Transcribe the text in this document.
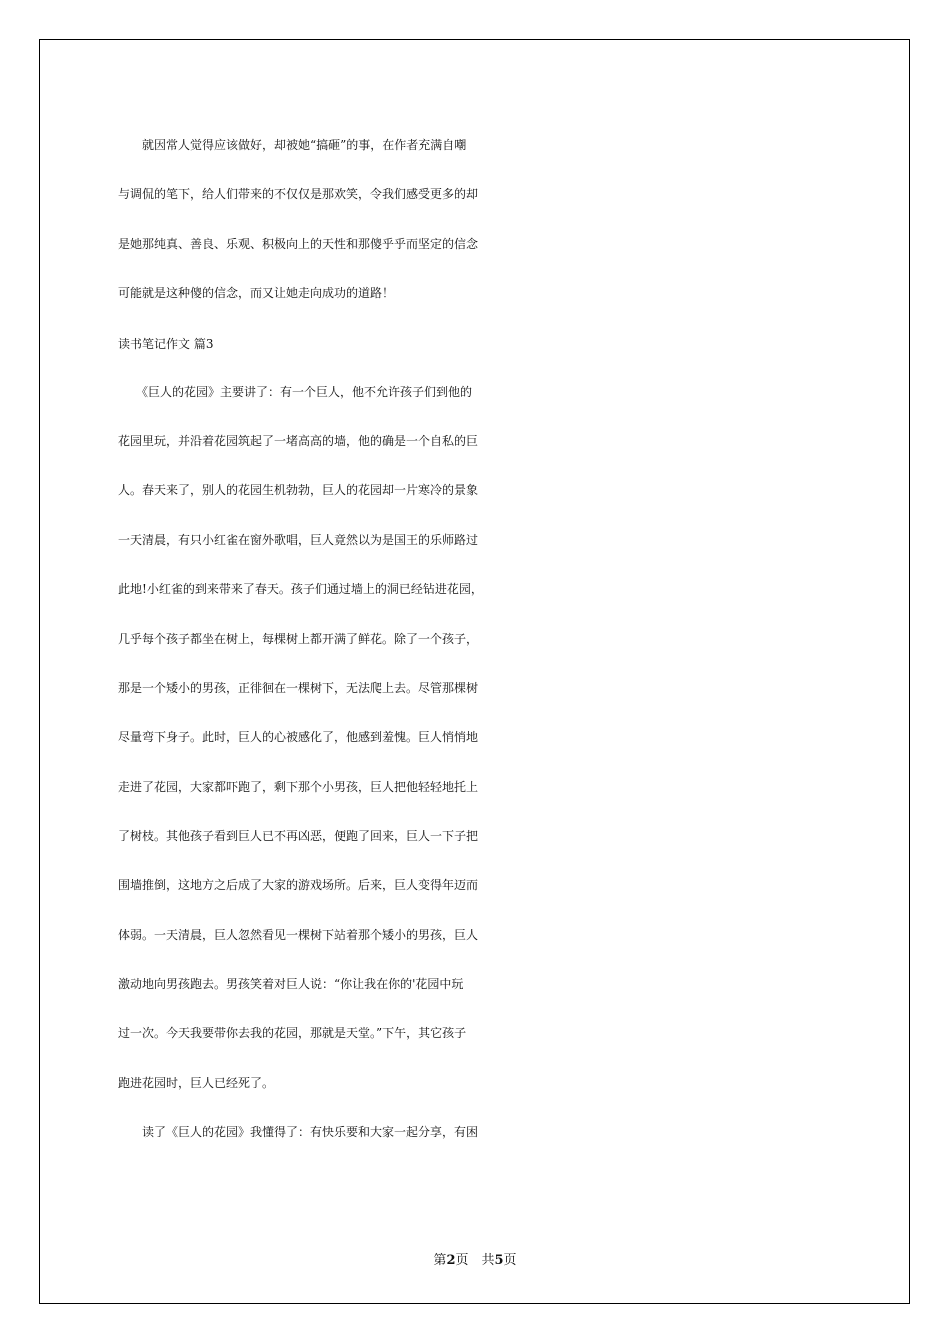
　　就因常人觉得应该做好，却被她“搞砸”的事，在作者充满自嘲
与调侃的笔下，给人们带来的不仅仅是那欢笑，令我们感受更多的却
是她那纯真、善良、乐观、积极向上的天性和那傻乎乎而坚定的信念
可能就是这种傻的信念，而又让她走向成功的道路！
读书笔记作文 篇3
　　《巨人的花园》主要讲了：有一个巨人，他不允许孩子们到他的
花园里玩，并沿着花园筑起了一堵高高的墙，他的确是一个自私的巨
人。春天来了，别人的花园生机勃勃，巨人的花园却一片寒冷的景象
一天清晨，有只小红雀在窗外歌唱，巨人竟然以为是国王的乐师路过
此地!小红雀的到来带来了春天。孩子们通过墙上的洞已经钻进花园，
几乎每个孩子都坐在树上，每棵树上都开满了鲜花。除了一个孩子，
那是一个矮小的男孩，正徘徊在一棵树下，无法爬上去。尽管那棵树
尽量弯下身子。此时，巨人的心被感化了，他感到羞愧。巨人悄悄地
走进了花园，大家都吓跑了，剩下那个小男孩，巨人把他轻轻地托上
了树枝。其他孩子看到巨人已不再凶恶，便跑了回来，巨人一下子把
围墙推倒，这地方之后成了大家的游戏场所。后来，巨人变得年迈而
体弱。一天清晨，巨人忽然看见一棵树下站着那个矮小的男孩，巨人
激动地向男孩跑去。男孩笑着对巨人说：“你让我在你的'花园中玩
过一次。今天我要带你去我的花园，那就是天堂。”下午，其它孩子
跑进花园时，巨人已经死了。
　　读了《巨人的花园》我懂得了：有快乐要和大家一起分享，有困
第2页　共5页
